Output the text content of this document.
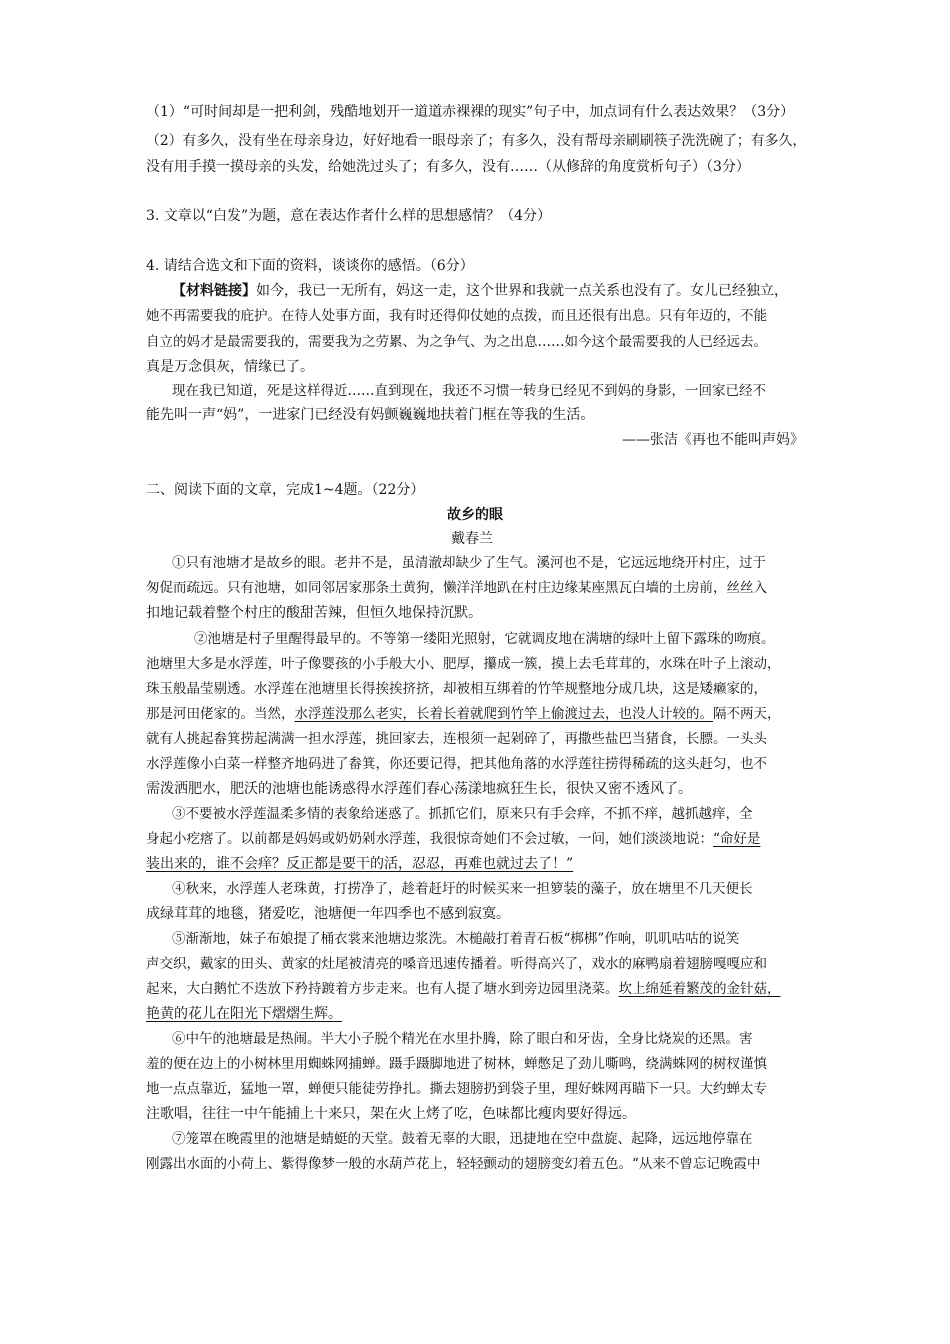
（1）“可时间却是一把利剑，残酷地划开一道道赤裸裸的现实”句子中，加点词有什么表达效果？（3分）
（2）有多久，没有坐在母亲身边，好好地看一眼母亲了；有多久，没有帮母亲刷刷筷子洗洗碗了；有多久，
没有用手摸一摸母亲的头发，给她洗过头了；有多久，没有……（从修辞的角度赏析句子）（3分）
3. 文章以“白发”为题，意在表达作者什么样的思想感情？（4分）
4. 请结合选文和下面的资料，谈谈你的感悟。（6分）
【材料链接】如今，我已一无所有，妈这一走，这个世界和我就一点关系也没有了。女儿已经独立，
她不再需要我的庇护。在待人处事方面，我有时还得仰仗她的点拨，而且还很有出息。只有年迈的，不能
自立的妈才是最需要我的，需要我为之劳累、为之争气、为之出息……如今这个最需要我的人已经远去。
真是万念俱灰，情缘已了。
现在我已知道，死是这样得近……直到现在，我还不习惯一转身已经见不到妈的身影，一回家已经不
能先叫一声“妈”，一进家门已经没有妈颤巍巍地扶着门框在等我的生活。
——张洁《再也不能叫声妈》
二、阅读下面的文章，完成1~4题。（22分）
故乡的眼
戴春兰
①只有池塘才是故乡的眼。老井不是，虽清澈却缺少了生气。溪河也不是，它远远地绕开村庄，过于
匆促而疏远。只有池塘，如同邻居家那条土黄狗，懒洋洋地趴在村庄边缘某座黑瓦白墙的土房前，丝丝入
扣地记载着整个村庄的酸甜苦辣，但恒久地保持沉默。
②池塘是村子里醒得最早的。不等第一缕阳光照射，它就调皮地在满塘的绿叶上留下露珠的吻痕。
池塘里大多是水浮莲，叶子像婴孩的小手般大小、肥厚，攥成一簇，摸上去毛茸茸的，水珠在叶子上滚动，
珠玉般晶莹剔透。水浮莲在池塘里长得挨挨挤挤，却被相互绑着的竹竿规整地分成几块，这是矮癞家的，
那是河田佬家的。当然，水浮莲没那么老实，长着长着就爬到竹竿上偷渡过去，也没人计较的。隔不两天，
就有人挑起畚箕捞起满满一担水浮莲，挑回家去，连根须一起剁碎了，再撒些盐巴当猪食，长膘。一头头
水浮莲像小白菜一样整齐地码进了畚箕，你还要记得，把其他角落的水浮莲往捞得稀疏的这头赶匀，也不
需泼洒肥水，肥沃的池塘也能诱惑得水浮莲们春心荡漾地疯狂生长，很快又密不透风了。
③不要被水浮莲温柔多情的表象给迷惑了。抓抓它们，原来只有手会痒，不抓不痒，越抓越痒，全
身起小疙瘩了。以前都是妈妈或奶奶剁水浮莲，我很惊奇她们不会过敏，一问，她们淡淡地说：“命好是
装出来的，谁不会痒？反正都是要干的活，忍忍，再难也就过去了！”
④秋来，水浮莲人老珠黄，打捞净了，趁着赶圩的时候买来一担箩装的藻子，放在塘里不几天便长
成绿茸茸的地毯，猪爱吃，池塘便一年四季也不感到寂寞。
⑤渐渐地，妹子布娘提了桶衣裳来池塘边浆洗。木槌敲打着青石板“梆梆”作响，叽叽咕咕的说笑
声交织，戴家的田头、黄家的灶尾被清亮的嗓音迅速传播着。听得高兴了，戏水的麻鸭扇着翅膀嘎嘎应和
起来，大白鹅忙不迭放下矜持踱着方步走来。也有人提了塘水到旁边园里浇菜。坎上绵延着繁茂的金针菇，
艳黄的花儿在阳光下熠熠生辉。
⑥中午的池塘最是热闹。半大小子脱个精光在水里扑腾，除了眼白和牙齿，全身比烧炭的还黑。害
羞的便在边上的小树林里用蜘蛛网捕蝉。蹑手蹑脚地进了树林，蝉憋足了劲儿嘶鸣，绕满蛛网的树杈谨慎
地一点点靠近，猛地一罩，蝉便只能徒劳挣扎。撕去翅膀扔到袋子里，理好蛛网再瞄下一只。大约蝉太专
注歌唱，往往一中午能捕上十来只，架在火上烤了吃，色味都比瘦肉要好得远。
⑦笼罩在晚霞里的池塘是蜻蜓的天堂。鼓着无辜的大眼，迅捷地在空中盘旋、起降，远远地停靠在
刚露出水面的小荷上、紫得像梦一般的水葫芦花上，轻轻颤动的翅膀变幻着五色。“从来不曾忘记晚霞中
